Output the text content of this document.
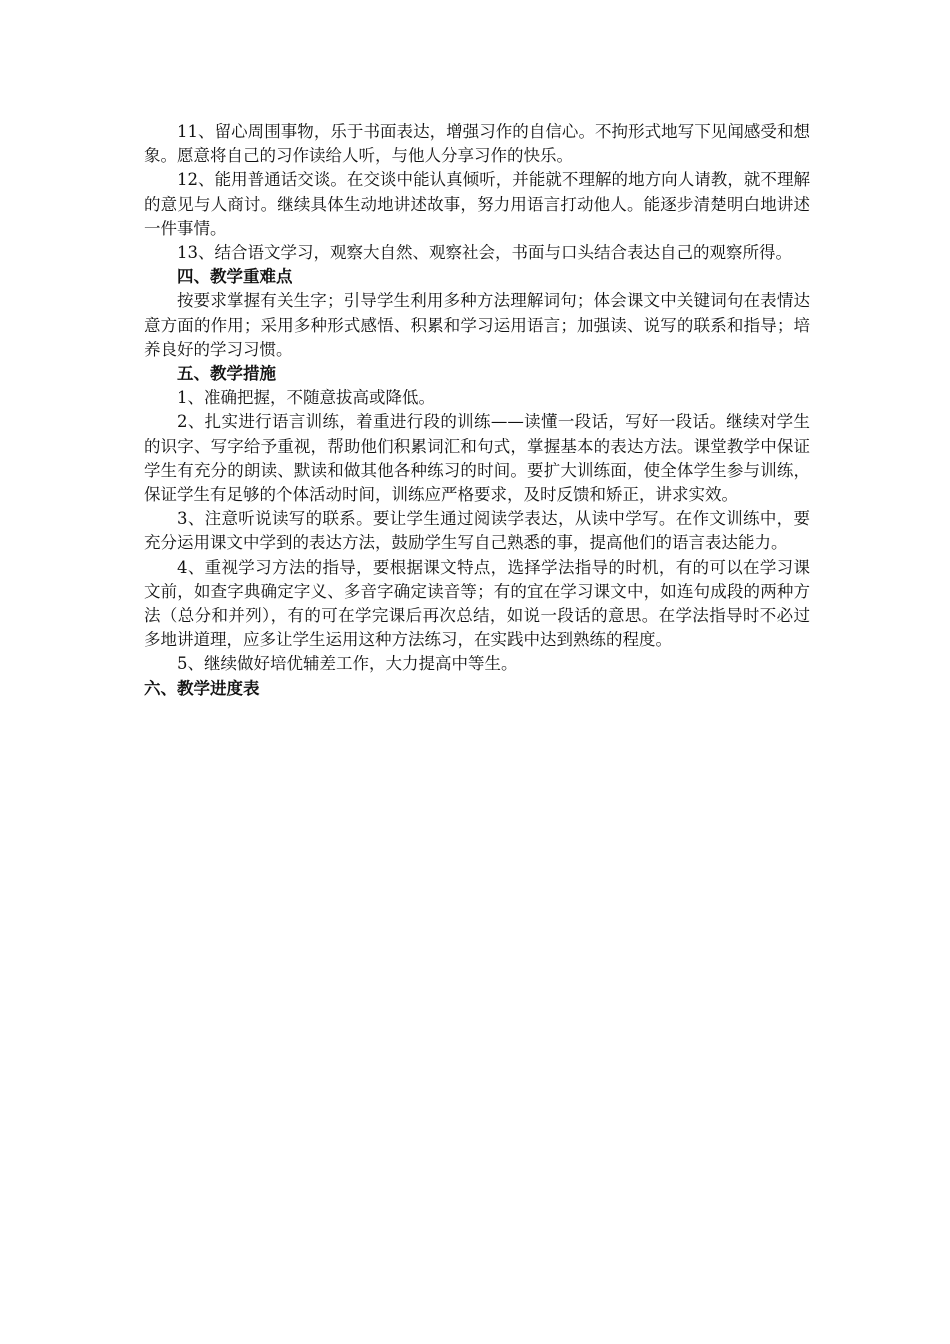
11、留心周围事物，乐于书面表达，增强习作的自信心。不拘形式地写下见闻感受和想象。愿意将自己的习作读给人听，与他人分享习作的快乐。

12、能用普通话交谈。在交谈中能认真倾听，并能就不理解的地方向人请教，就不理解的意见与人商讨。继续具体生动地讲述故事，努力用语言打动他人。能逐步清楚明白地讲述一件事情。

13、结合语文学习，观察大自然、观察社会，书面与口头结合表达自己的观察所得。

四、教学重难点

按要求掌握有关生字；引导学生利用多种方法理解词句；体会课文中关键词句在表情达意方面的作用；采用多种形式感悟、积累和学习运用语言；加强读、说写的联系和指导；培养良好的学习习惯。

五、教学措施

1、准确把握，不随意拔高或降低。

2、扎实进行语言训练，着重进行段的训练——读懂一段话，写好一段话。继续对学生的识字、写字给予重视，帮助他们积累词汇和句式，掌握基本的表达方法。课堂教学中保证学生有充分的朗读、默读和做其他各种练习的时间。要扩大训练面，使全体学生参与训练，保证学生有足够的个体活动时间，训练应严格要求，及时反馈和矫正，讲求实效。

3、注意听说读写的联系。要让学生通过阅读学表达，从读中学写。在作文训练中，要充分运用课文中学到的表达方法，鼓励学生写自己熟悉的事，提高他们的语言表达能力。

4、重视学习方法的指导，要根据课文特点，选择学法指导的时机，有的可以在学习课文前，如查字典确定字义、多音字确定读音等；有的宜在学习课文中，如连句成段的两种方法（总分和并列），有的可在学完课后再次总结，如说一段话的意思。在学法指导时不必过多地讲道理，应多让学生运用这种方法练习，在实践中达到熟练的程度。

5、继续做好培优辅差工作，大力提高中等生。

六、教学进度表
